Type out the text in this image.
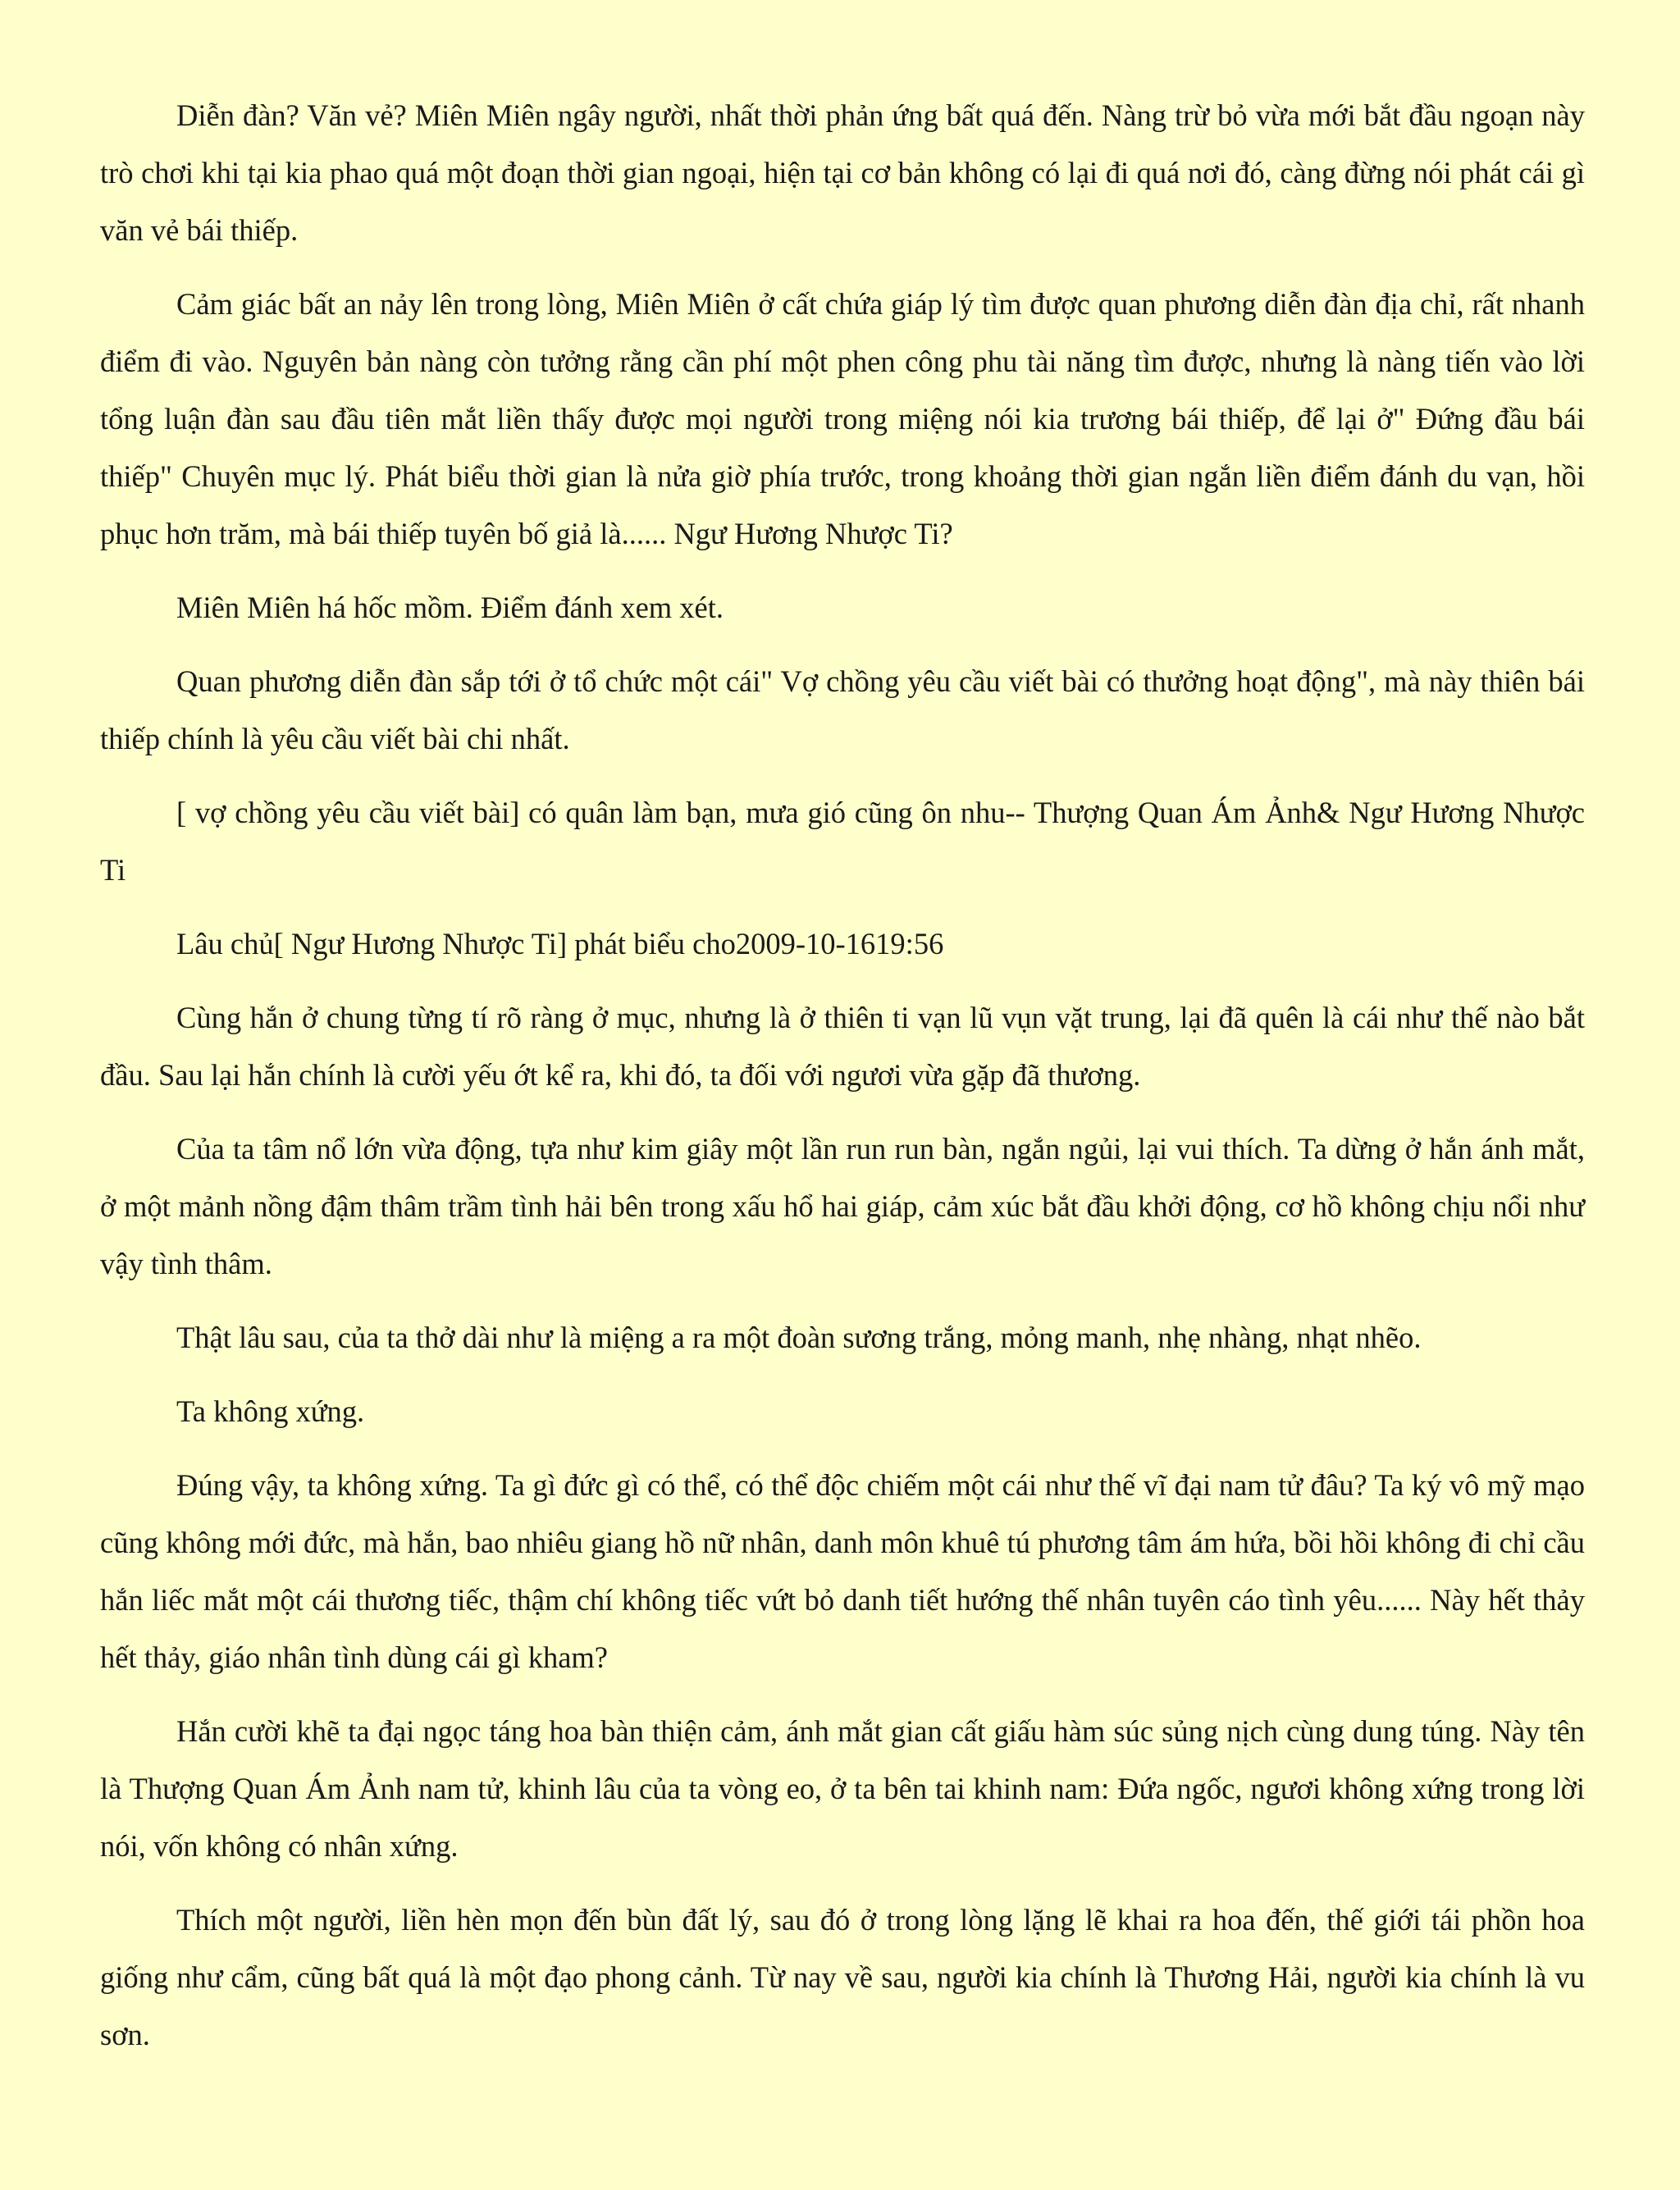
Diễn đàn? Văn vẻ? Miên Miên ngây người, nhất thời phản ứng bất quá đến. Nàng trừ bỏ vừa mới bắt đầu ngoạn này trò chơi khi tại kia phao quá một đoạn thời gian ngoại, hiện tại cơ bản không có lại đi quá nơi đó, càng đừng nói phát cái gì văn vẻ bái thiếp.

Cảm giác bất an nảy lên trong lòng, Miên Miên ở cất chứa giáp lý tìm được quan phương diễn đàn địa chỉ, rất nhanh điểm đi vào. Nguyên bản nàng còn tưởng rằng cần phí một phen công phu tài năng tìm được, nhưng là nàng tiến vào lời tổng luận đàn sau đầu tiên mắt liền thấy được mọi người trong miệng nói kia trương bái thiếp, để lại ở" Đứng đầu bái thiếp" Chuyên mục lý. Phát biểu thời gian là nửa giờ phía trước, trong khoảng thời gian ngắn liền điểm đánh du vạn, hồi phục hơn trăm, mà bái thiếp tuyên bố giả là...... Ngư Hương Nhược Ti?

Miên Miên há hốc mồm. Điểm đánh xem xét.

Quan phương diễn đàn sắp tới ở tổ chức một cái" Vợ chồng yêu cầu viết bài có thưởng hoạt động", mà này thiên bái thiếp chính là yêu cầu viết bài chi nhất.

[ vợ chồng yêu cầu viết bài] có quân làm bạn, mưa gió cũng ôn nhu-- Thượng Quan Ám Ảnh& Ngư Hương Nhược Ti

Lâu chủ[ Ngư Hương Nhược Ti] phát biểu cho2009-10-1619:56

Cùng hắn ở chung từng tí rõ ràng ở mục, nhưng là ở thiên ti vạn lũ vụn vặt trung, lại đã quên là cái như thế nào bắt đầu. Sau lại hắn chính là cười yếu ớt kể ra, khi đó, ta đối với ngươi vừa gặp đã thương.

Của ta tâm nổ lớn vừa động, tựa như kim giây một lần run run bàn, ngắn ngủi, lại vui thích. Ta dừng ở hắn ánh mắt, ở một mảnh nồng đậm thâm trầm tình hải bên trong xấu hổ hai giáp, cảm xúc bắt đầu khởi động, cơ hồ không chịu nổi như vậy tình thâm.

Thật lâu sau, của ta thở dài như là miệng a ra một đoàn sương trắng, mỏng manh, nhẹ nhàng, nhạt nhẽo.

Ta không xứng.

Đúng vậy, ta không xứng. Ta gì đức gì có thể, có thể độc chiếm một cái như thế vĩ đại nam tử đâu? Ta ký vô mỹ mạo cũng không mới đức, mà hắn, bao nhiêu giang hồ nữ nhân, danh môn khuê tú phương tâm ám hứa, bồi hồi không đi chỉ cầu hắn liếc mắt một cái thương tiếc, thậm chí không tiếc vứt bỏ danh tiết hướng thế nhân tuyên cáo tình yêu...... Này hết thảy hết thảy, giáo nhân tình dùng cái gì kham?

Hắn cười khẽ ta đại ngọc táng hoa bàn thiện cảm, ánh mắt gian cất giấu hàm súc sủng nịch cùng dung túng. Này tên là Thượng Quan Ám Ảnh nam tử, khinh lâu của ta vòng eo, ở ta bên tai khinh nam: Đứa ngốc, ngươi không xứng trong lời nói, vốn không có nhân xứng.

Thích một người, liền hèn mọn đến bùn đất lý, sau đó ở trong lòng lặng lẽ khai ra hoa đến, thế giới tái phồn hoa giống như cẩm, cũng bất quá là một đạo phong cảnh. Từ nay về sau, người kia chính là Thương Hải, người kia chính là vu sơn.
